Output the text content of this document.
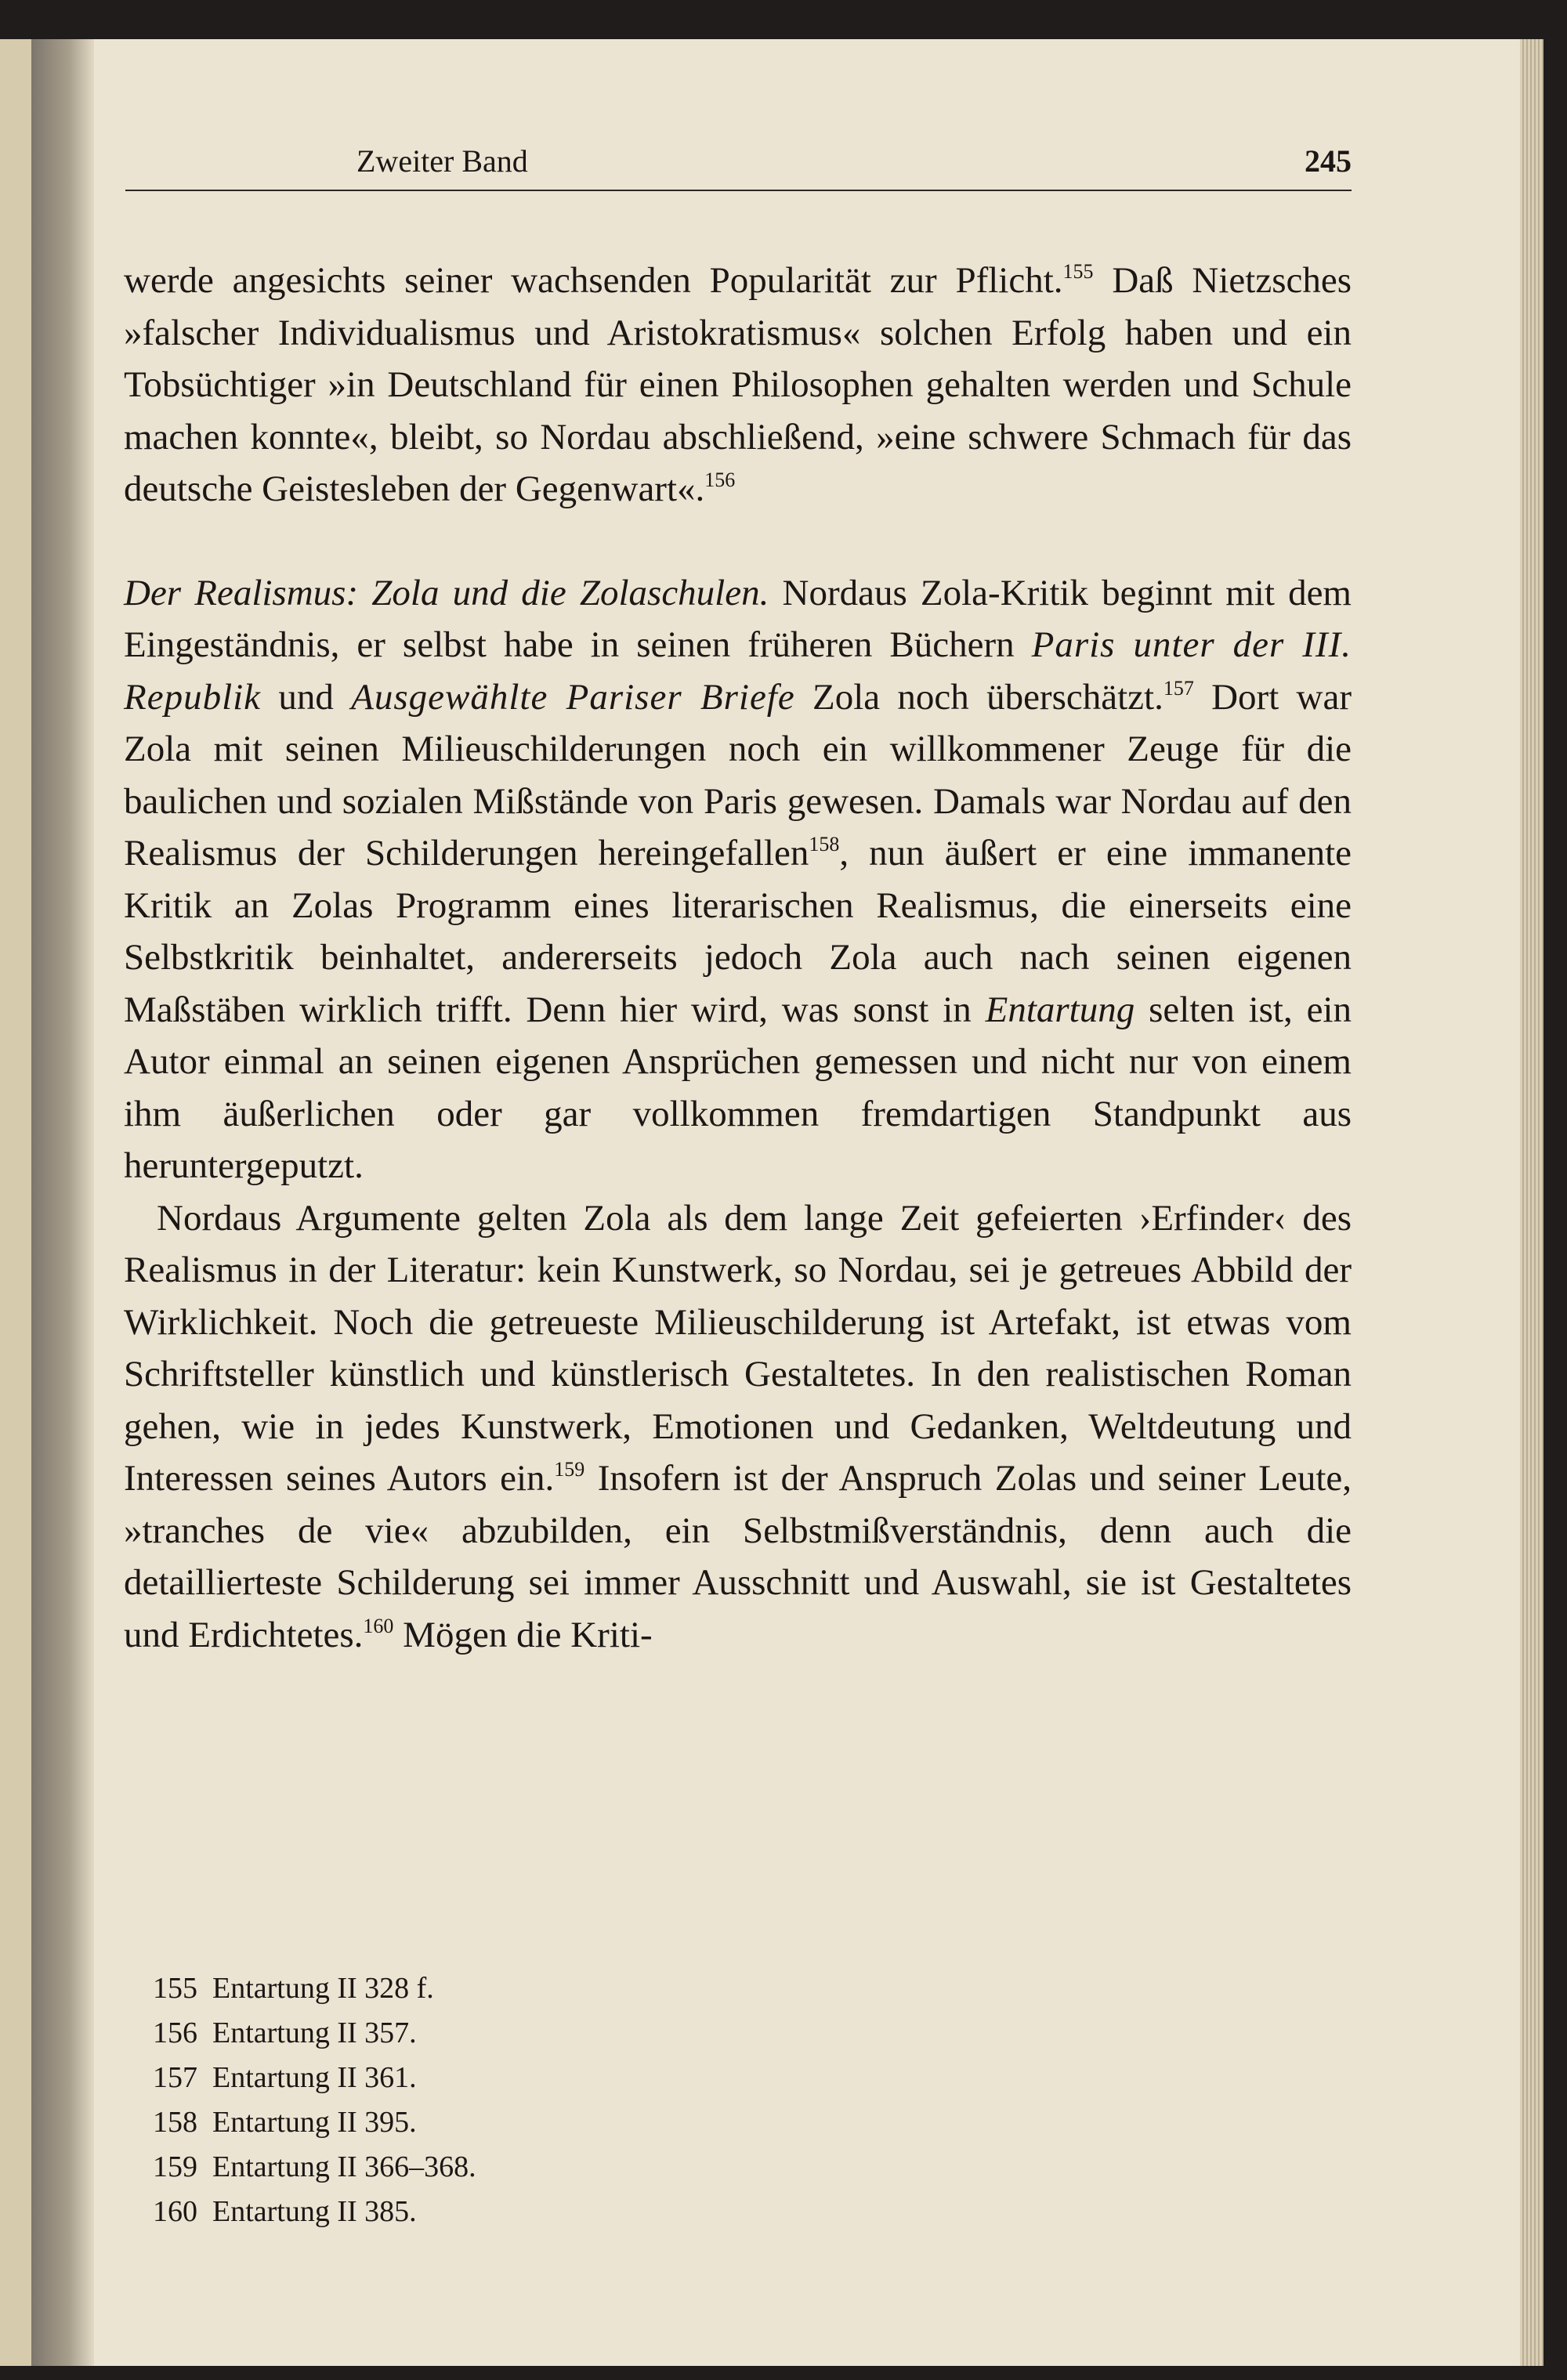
Zweiter Band	245

werde angesichts seiner wachsenden Popularität zur Pflicht.$^{155}$ Daß Nietzsches »falscher Individualismus und Aristokratismus« solchen Erfolg haben und ein Tobsüchtiger »in Deutschland für einen Philosophen gehalten werden und Schule machen konnte«, bleibt, so Nordau abschließend, »eine schwere Schmach für das deutsche Geistesleben der Gegenwart«.$^{156}$

Der Realismus: Zola und die Zolaschulen. Nordaus Zola-Kritik beginnt mit dem Eingeständnis, er selbst habe in seinen früheren Büchern Paris unter der III. Republik und Ausgewählte Pariser Briefe Zola noch überschätzt.$^{157}$ Dort war Zola mit seinen Milieuschilderungen noch ein willkommener Zeuge für die baulichen und sozialen Mißstände von Paris gewesen. Damals war Nordau auf den Realismus der Schilderungen hereingefallen$^{158}$, nun äußert er eine immanente Kritik an Zolas Programm eines literarischen Realismus, die einerseits eine Selbstkritik beinhaltet, andererseits jedoch Zola auch nach seinen eigenen Maßstäben wirklich trifft. Denn hier wird, was sonst in Entartung selten ist, ein Autor einmal an seinen eigenen Ansprüchen gemessen und nicht nur von einem ihm äußerlichen oder gar vollkommen fremdartigen Standpunkt aus heruntergeputzt.

Nordaus Argumente gelten Zola als dem lange Zeit gefeierten ›Erfinder‹ des Realismus in der Literatur: kein Kunstwerk, so Nordau, sei je getreues Abbild der Wirklichkeit. Noch die getreueste Milieuschilderung ist Artefakt, ist etwas vom Schriftsteller künstlich und künstlerisch Gestaltetes. In den realistischen Roman gehen, wie in jedes Kunstwerk, Emotionen und Gedanken, Weltdeutung und Interessen seines Autors ein.$^{159}$ Insofern ist der Anspruch Zolas und seiner Leute, »tranches de vie« abzubilden, ein Selbstmißverständnis, denn auch die detaillierteste Schilderung sei immer Ausschnitt und Auswahl, sie ist Gestaltetes und Erdichtetes.$^{160}$ Mögen die Kriti-

155 Entartung II 328 f.
156 Entartung II 357.
157 Entartung II 361.
158 Entartung II 395.
159 Entartung II 366–368.
160 Entartung II 385.
